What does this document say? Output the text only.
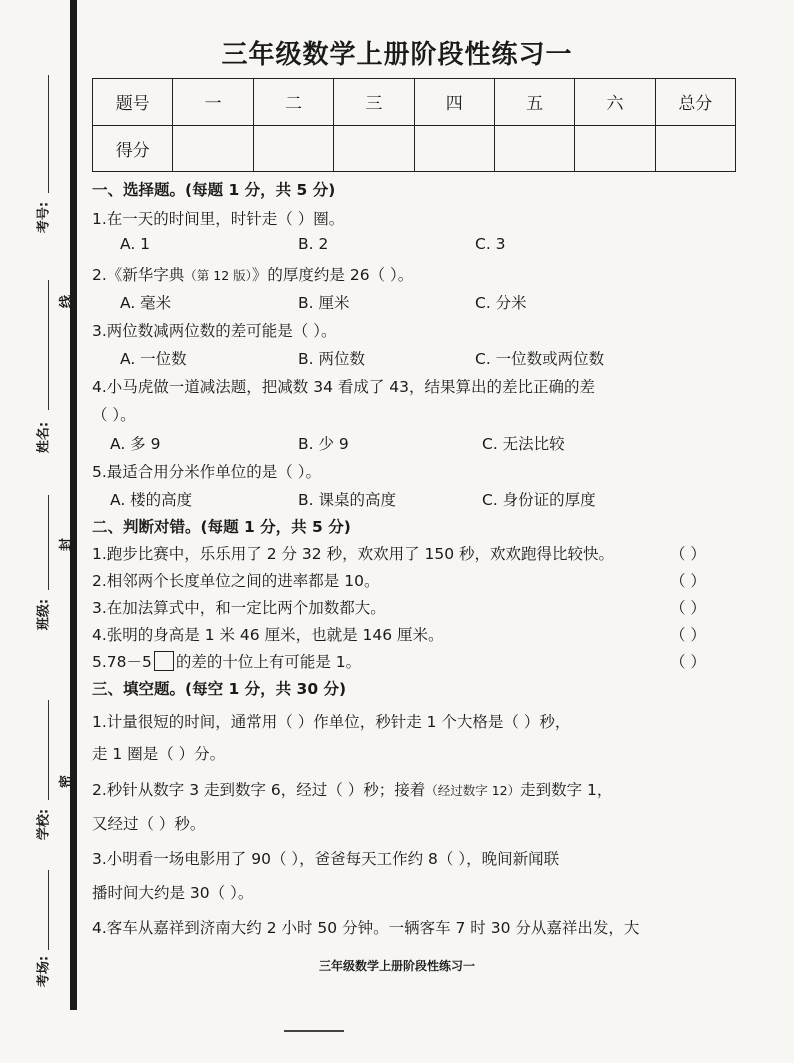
考号:
线
姓名:
封
班级:
密
学校:
考场:
三年级数学上册阶段性练习一
题号	一	二	三	四	五	六	总分
得分							
一、选择题。(每题 1 分，共 5 分)
1.在一天的时间里，时针走（ ）圈。
A. 1	B. 2	C. 3
2.《新华字典（第 12 版）》的厚度约是 26（ ）。
A. 毫米	B. 厘米	C. 分米
3.两位数减两位数的差可能是（ ）。
A. 一位数	B. 两位数	C. 一位数或两位数
4.小马虎做一道减法题，把减数 34 看成了 43，结果算出的差比正确的差
（ ）。
A. 多 9	B. 少 9	C. 无法比较
5.最适合用分米作单位的是（ ）。
A. 楼的高度	B. 课桌的高度	C. 身份证的厚度
二、判断对错。(每题 1 分，共 5 分)
1.跑步比赛中，乐乐用了 2 分 32 秒，欢欢用了 150 秒，欢欢跑得比较快。	（ ）
2.相邻两个长度单位之间的进率都是 10。	（ ）
3.在加法算式中，和一定比两个加数都大。	（ ）
4.张明的身高是 1 米 46 厘米，也就是 146 厘米。	（ ）
5.78－5 的差的十位上有可能是 1。	（ ）
三、填空题。(每空 1 分，共 30 分)
1.计量很短的时间，通常用（ ）作单位，秒针走 1 个大格是（ ）秒，
走 1 圈是（ ）分。
2.秒针从数字 3 走到数字 6，经过（ ）秒；接着（经过数字 12）走到数字 1，
又经过（ ）秒。
3.小明看一场电影用了 90（ ），爸爸每天工作约 8（ ），晚间新闻联
播时间大约是 30（ ）。
4.客车从嘉祥到济南大约 2 小时 50 分钟。一辆客车 7 时 30 分从嘉祥出发，大
三年级数学上册阶段性练习一
